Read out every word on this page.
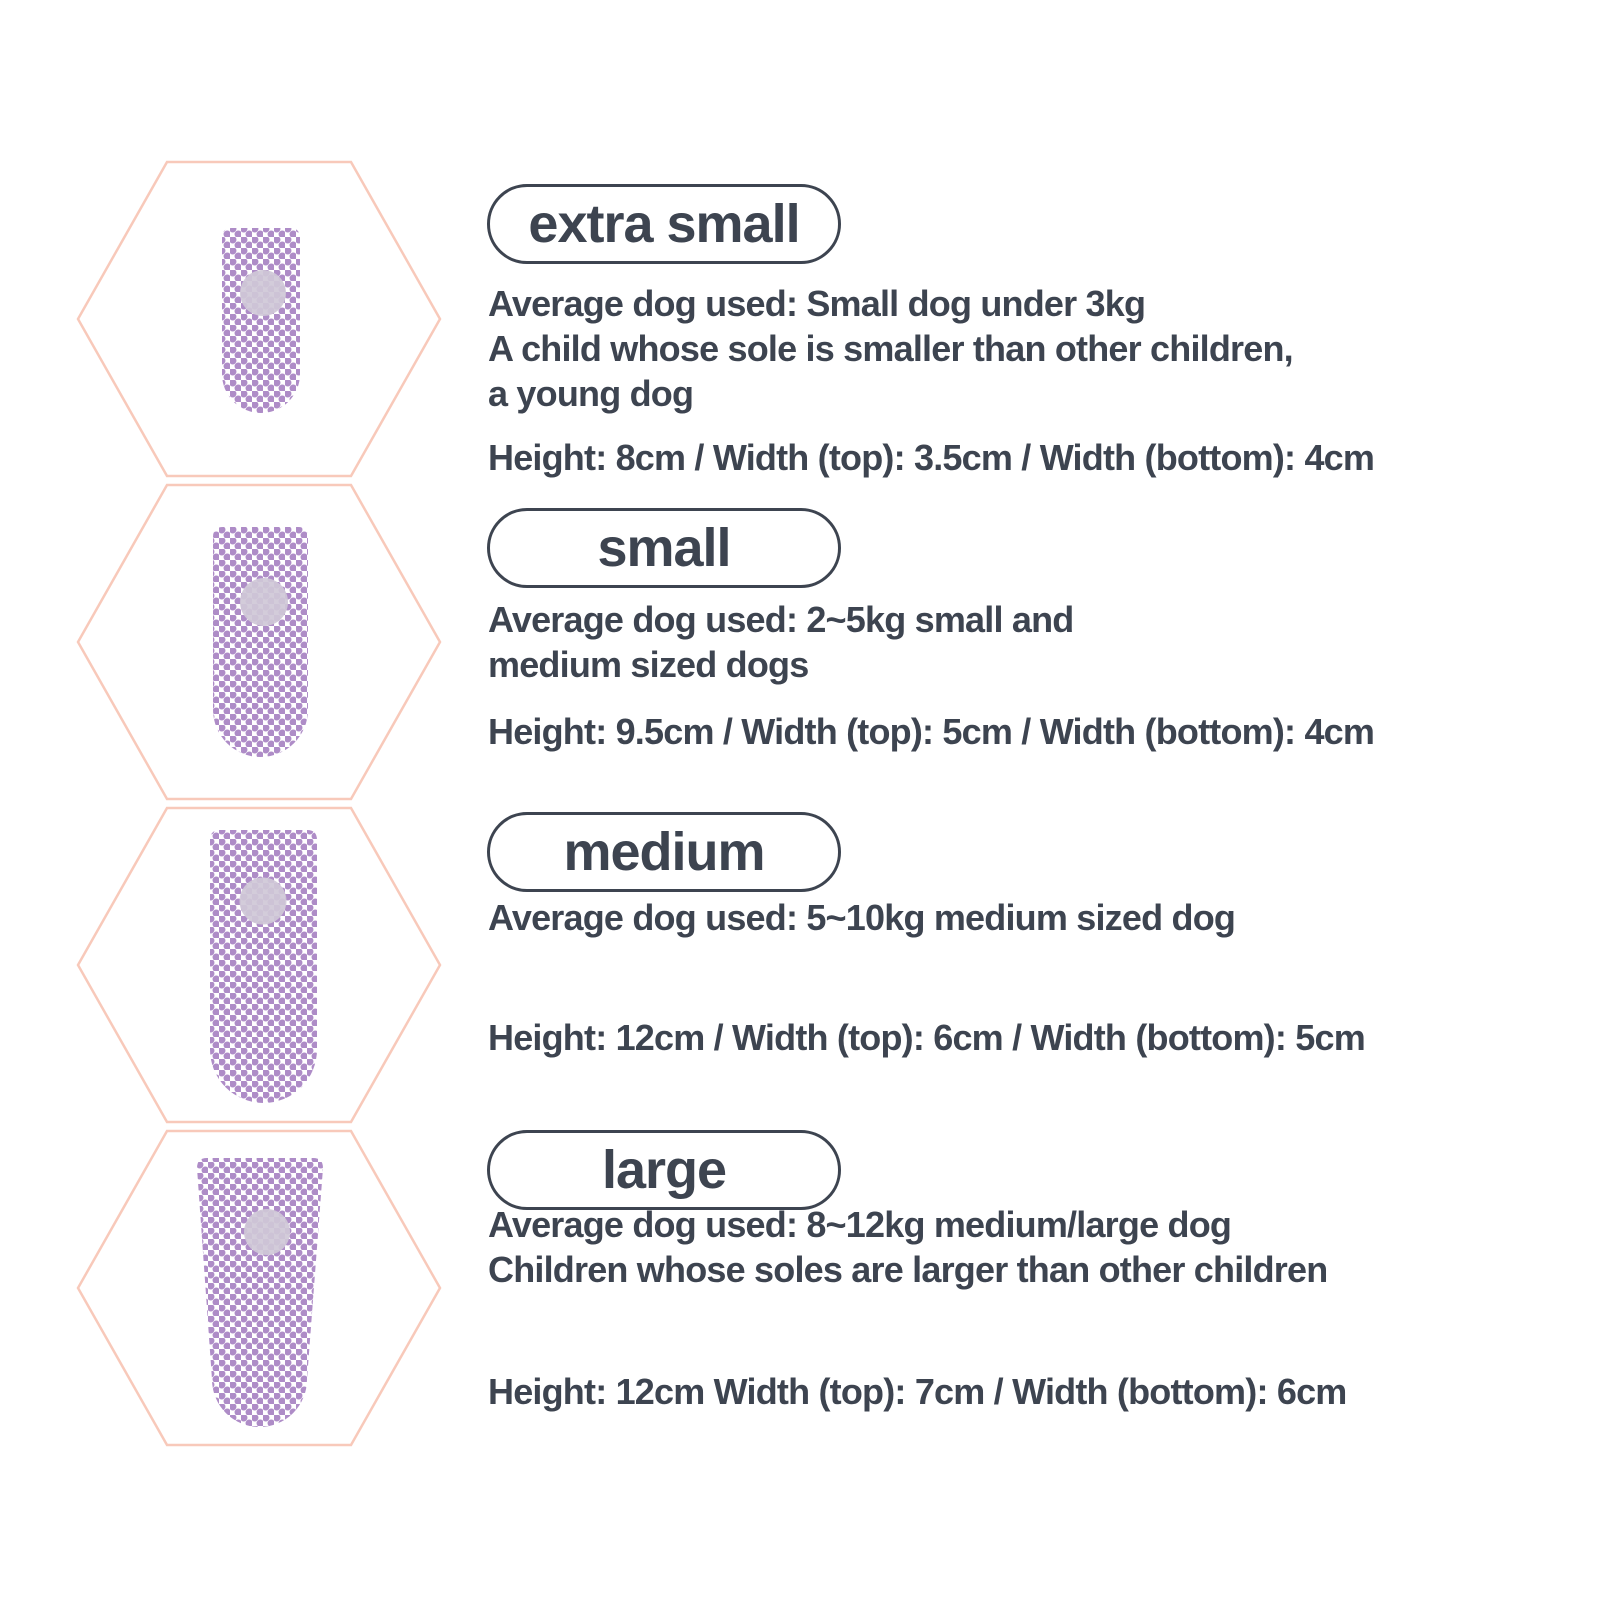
extra small
Average dog used: Small dog under 3kg
A child whose sole is smaller than other children,
a young dog
Height: 8cm / Width (top): 3.5cm / Width (bottom): 4cm
small
Average dog used: 2~5kg small and
medium sized dogs
Height: 9.5cm / Width (top): 5cm / Width (bottom): 4cm
medium
Average dog used: 5~10kg medium sized dog
Height: 12cm / Width (top): 6cm / Width (bottom): 5cm
large
Average dog used: 8~12kg medium/large dog
Children whose soles are larger than other children
Height: 12cm Width (top): 7cm / Width (bottom): 6cm
